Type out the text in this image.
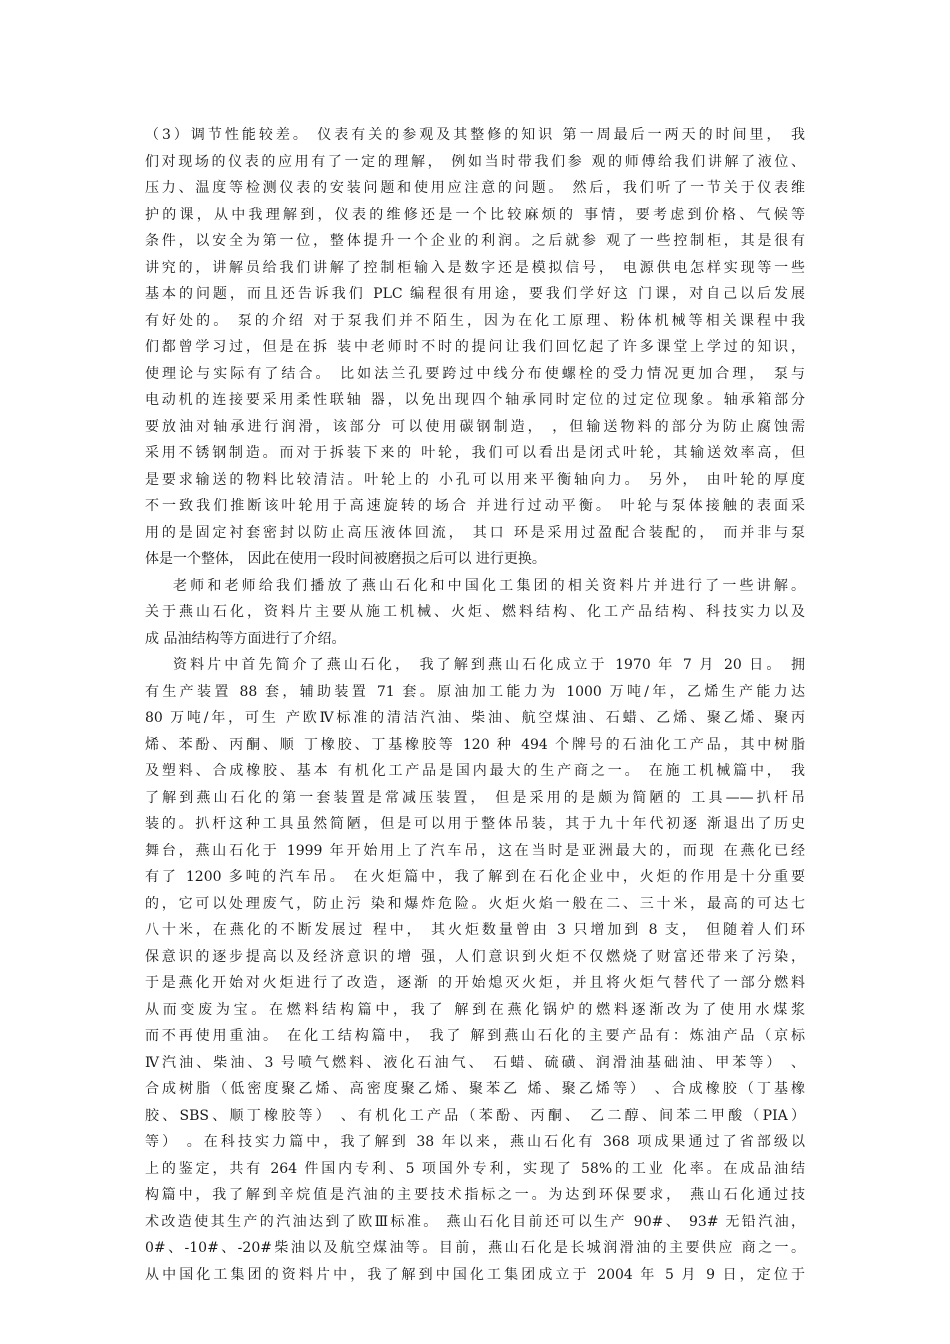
（3）调节性能较差。 仪表有关的参观及其整修的知识 第一周最后一两天的时间里， 我
们对现场的仪表的应用有了一定的理解， 例如当时带我们参 观的师傅给我们讲解了液位、
压力、温度等检测仪表的安装问题和使用应注意的问题。 然后，我们听了一节关于仪表维
护的课，从中我理解到，仪表的维修还是一个比较麻烦的 事情，要考虑到价格、气候等
条件，以安全为第一位，整体提升一个企业的利润。之后就参 观了一些控制柜，其是很有
讲究的，讲解员给我们讲解了控制柜输入是数字还是模拟信号， 电源供电怎样实现等一些
基本的问题，而且还告诉我们 PLC 编程很有用途，要我们学好这 门课，对自己以后发展
有好处的。 泵的介绍 对于泵我们并不陌生，因为在化工原理、粉体机械等相关课程中我
们都曾学习过，但是在拆 装中老师时不时的提问让我们回忆起了许多课堂上学过的知识，
使理论与实际有了结合。 比如法兰孔要跨过中线分布使螺栓的受力情况更加合理， 泵与
电动机的连接要采用柔性联轴 器，以免出现四个轴承同时定位的过定位现象。轴承箱部分
要放油对轴承进行润滑，该部分 可以使用碳钢制造， ，但输送物料的部分为防止腐蚀需
采用不锈钢制造。而对于拆装下来的 叶轮，我们可以看出是闭式叶轮，其输送效率高，但
是要求输送的物料比较清洁。叶轮上的 小孔可以用来平衡轴向力。 另外， 由叶轮的厚度
不一致我们推断该叶轮用于高速旋转的场合 并进行过动平衡。 叶轮与泵体接触的表面采
用的是固定衬套密封以防止高压液体回流， 其口 环是采用过盈配合装配的， 而并非与泵
体是一个整体， 因此在使用一段时间被磨损之后可以 进行更换。
老师和老师给我们播放了燕山石化和中国化工集团的相关资料片并进行了一些讲解。
关于燕山石化，资料片主要从施工机械、火炬、燃料结构、化工产品结构、科技实力以及
成 品油结构等方面进行了介绍。
资料片中首先简介了燕山石化， 我了解到燕山石化成立于 1970 年 7 月 20 日。 拥
有生产装置 88 套，辅助装置 71 套。原油加工能力为 1000 万吨/年，乙烯生产能力达
80 万吨/年，可生 产欧Ⅳ标准的清洁汽油、柴油、航空煤油、石蜡、乙烯、聚乙烯、聚丙
烯、苯酚、丙酮、顺 丁橡胶、丁基橡胶等 120 种 494 个牌号的石油化工产品，其中树脂
及塑料、合成橡胶、基本 有机化工产品是国内最大的生产商之一。 在施工机械篇中， 我
了解到燕山石化的第一套装置是常减压装置， 但是采用的是颇为简陋的 工具——扒杆吊
装的。扒杆这种工具虽然简陋，但是可以用于整体吊装，其于九十年代初逐 渐退出了历史
舞台，燕山石化于 1999 年开始用上了汽车吊，这在当时是亚洲最大的，而现 在燕化已经
有了 1200 多吨的汽车吊。 在火炬篇中，我了解到在石化企业中，火炬的作用是十分重要
的，它可以处理废气，防止污 染和爆炸危险。火炬火焰一般在二、三十米，最高的可达七
八十米，在燕化的不断发展过 程中， 其火炬数量曾由 3 只增加到 8 支， 但随着人们环
保意识的逐步提高以及经济意识的增 强，人们意识到火炬不仅燃烧了财富还带来了污染，
于是燕化开始对火炬进行了改造，逐渐 的开始熄灭火炬，并且将火炬气替代了一部分燃料
从而变废为宝。在燃料结构篇中，我了 解到在燕化锅炉的燃料逐渐改为了使用水煤浆
而不再使用重油。 在化工结构篇中， 我了 解到燕山石化的主要产品有：炼油产品（京标
Ⅳ汽油、柴油、3 号喷气燃料、液化石油气、 石蜡、硫磺、润滑油基础油、甲苯等） 、
合成树脂（低密度聚乙烯、高密度聚乙烯、聚苯乙 烯、聚乙烯等） 、合成橡胶（丁基橡
胶、SBS、顺丁橡胶等） 、有机化工产品（苯酚、丙酮、 乙二醇、间苯二甲酸（PIA）
等） 。在科技实力篇中，我了解到 38 年以来，燕山石化有 368 项成果通过了省部级以
上的鉴定，共有 264 件国内专利、5 项国外专利，实现了 58%的工业 化率。在成品油结
构篇中，我了解到辛烷值是汽油的主要技术指标之一。为达到环保要求， 燕山石化通过技
术改造使其生产的汽油达到了欧Ⅲ标准。 燕山石化目前还可以生产 90#、 93# 无铅汽油，
0#、-10#、-20#柴油以及航空煤油等。目前，燕山石化是长城润滑油的主要供应 商之一。
从中国化工集团的资料片中，我了解到中国化工集团成立于 2004 年 5 月 9 日，定位于
